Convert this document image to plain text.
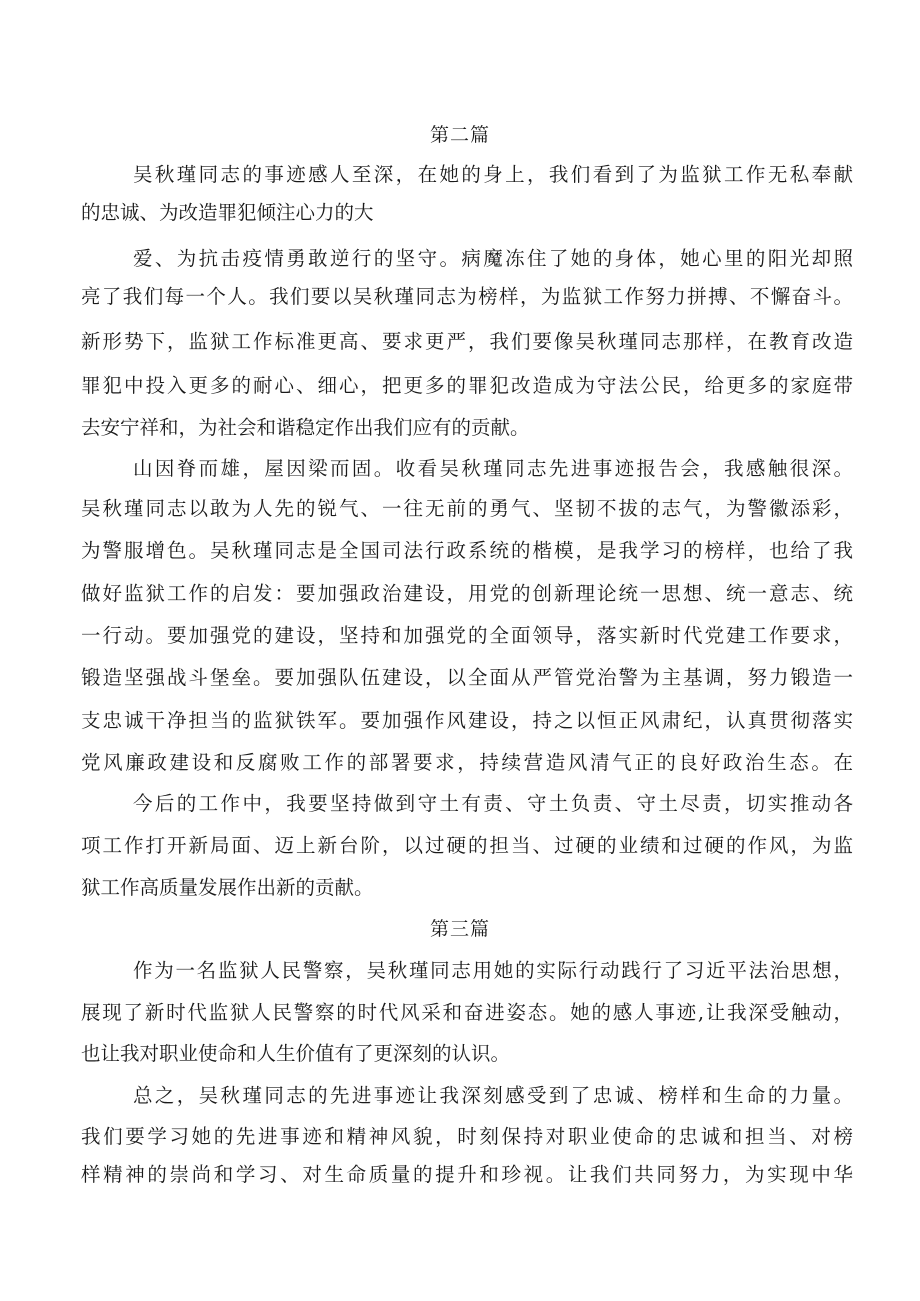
第二篇
吴秋瑾同志的事迹感人至深，在她的身上，我们看到了为监狱工作无私奉献
的忠诚、为改造罪犯倾注心力的大
爱、为抗击疫情勇敢逆行的坚守。病魔冻住了她的身体，她心里的阳光却照
亮了我们每一个人。我们要以吴秋瑾同志为榜样，为监狱工作努力拼搏、不懈奋斗。
新形势下，监狱工作标准更高、要求更严，我们要像吴秋瑾同志那样，在教育改造
罪犯中投入更多的耐心、细心，把更多的罪犯改造成为守法公民，给更多的家庭带
去安宁祥和，为社会和谐稳定作出我们应有的贡献。
山因脊而雄，屋因梁而固。收看吴秋瑾同志先进事迹报告会，我感触很深。
吴秋瑾同志以敢为人先的锐气、一往无前的勇气、坚韧不拔的志气，为警徽添彩，
为警服增色。吴秋瑾同志是全国司法行政系统的楷模，是我学习的榜样，也给了我
做好监狱工作的启发：要加强政治建设，用党的创新理论统一思想、统一意志、统
一行动。要加强党的建设，坚持和加强党的全面领导，落实新时代党建工作要求，
锻造坚强战斗堡垒。要加强队伍建设，以全面从严管党治警为主基调，努力锻造一
支忠诚干净担当的监狱铁军。要加强作风建设，持之以恒正风肃纪，认真贯彻落实
党风廉政建设和反腐败工作的部署要求，持续营造风清气正的良好政治生态。在
今后的工作中，我要坚持做到守土有责、守土负责、守土尽责，切实推动各
项工作打开新局面、迈上新台阶，以过硬的担当、过硬的业绩和过硬的作风，为监
狱工作高质量发展作出新的贡献。
第三篇
作为一名监狱人民警察，吴秋瑾同志用她的实际行动践行了习近平法治思想，
展现了新时代监狱人民警察的时代风采和奋进姿态。她的感人事迹,让我深受触动，
也让我对职业使命和人生价值有了更深刻的认识。
总之，吴秋瑾同志的先进事迹让我深刻感受到了忠诚、榜样和生命的力量。
我们要学习她的先进事迹和精神风貌，时刻保持对职业使命的忠诚和担当、对榜
样精神的崇尚和学习、对生命质量的提升和珍视。让我们共同努力，为实现中华
